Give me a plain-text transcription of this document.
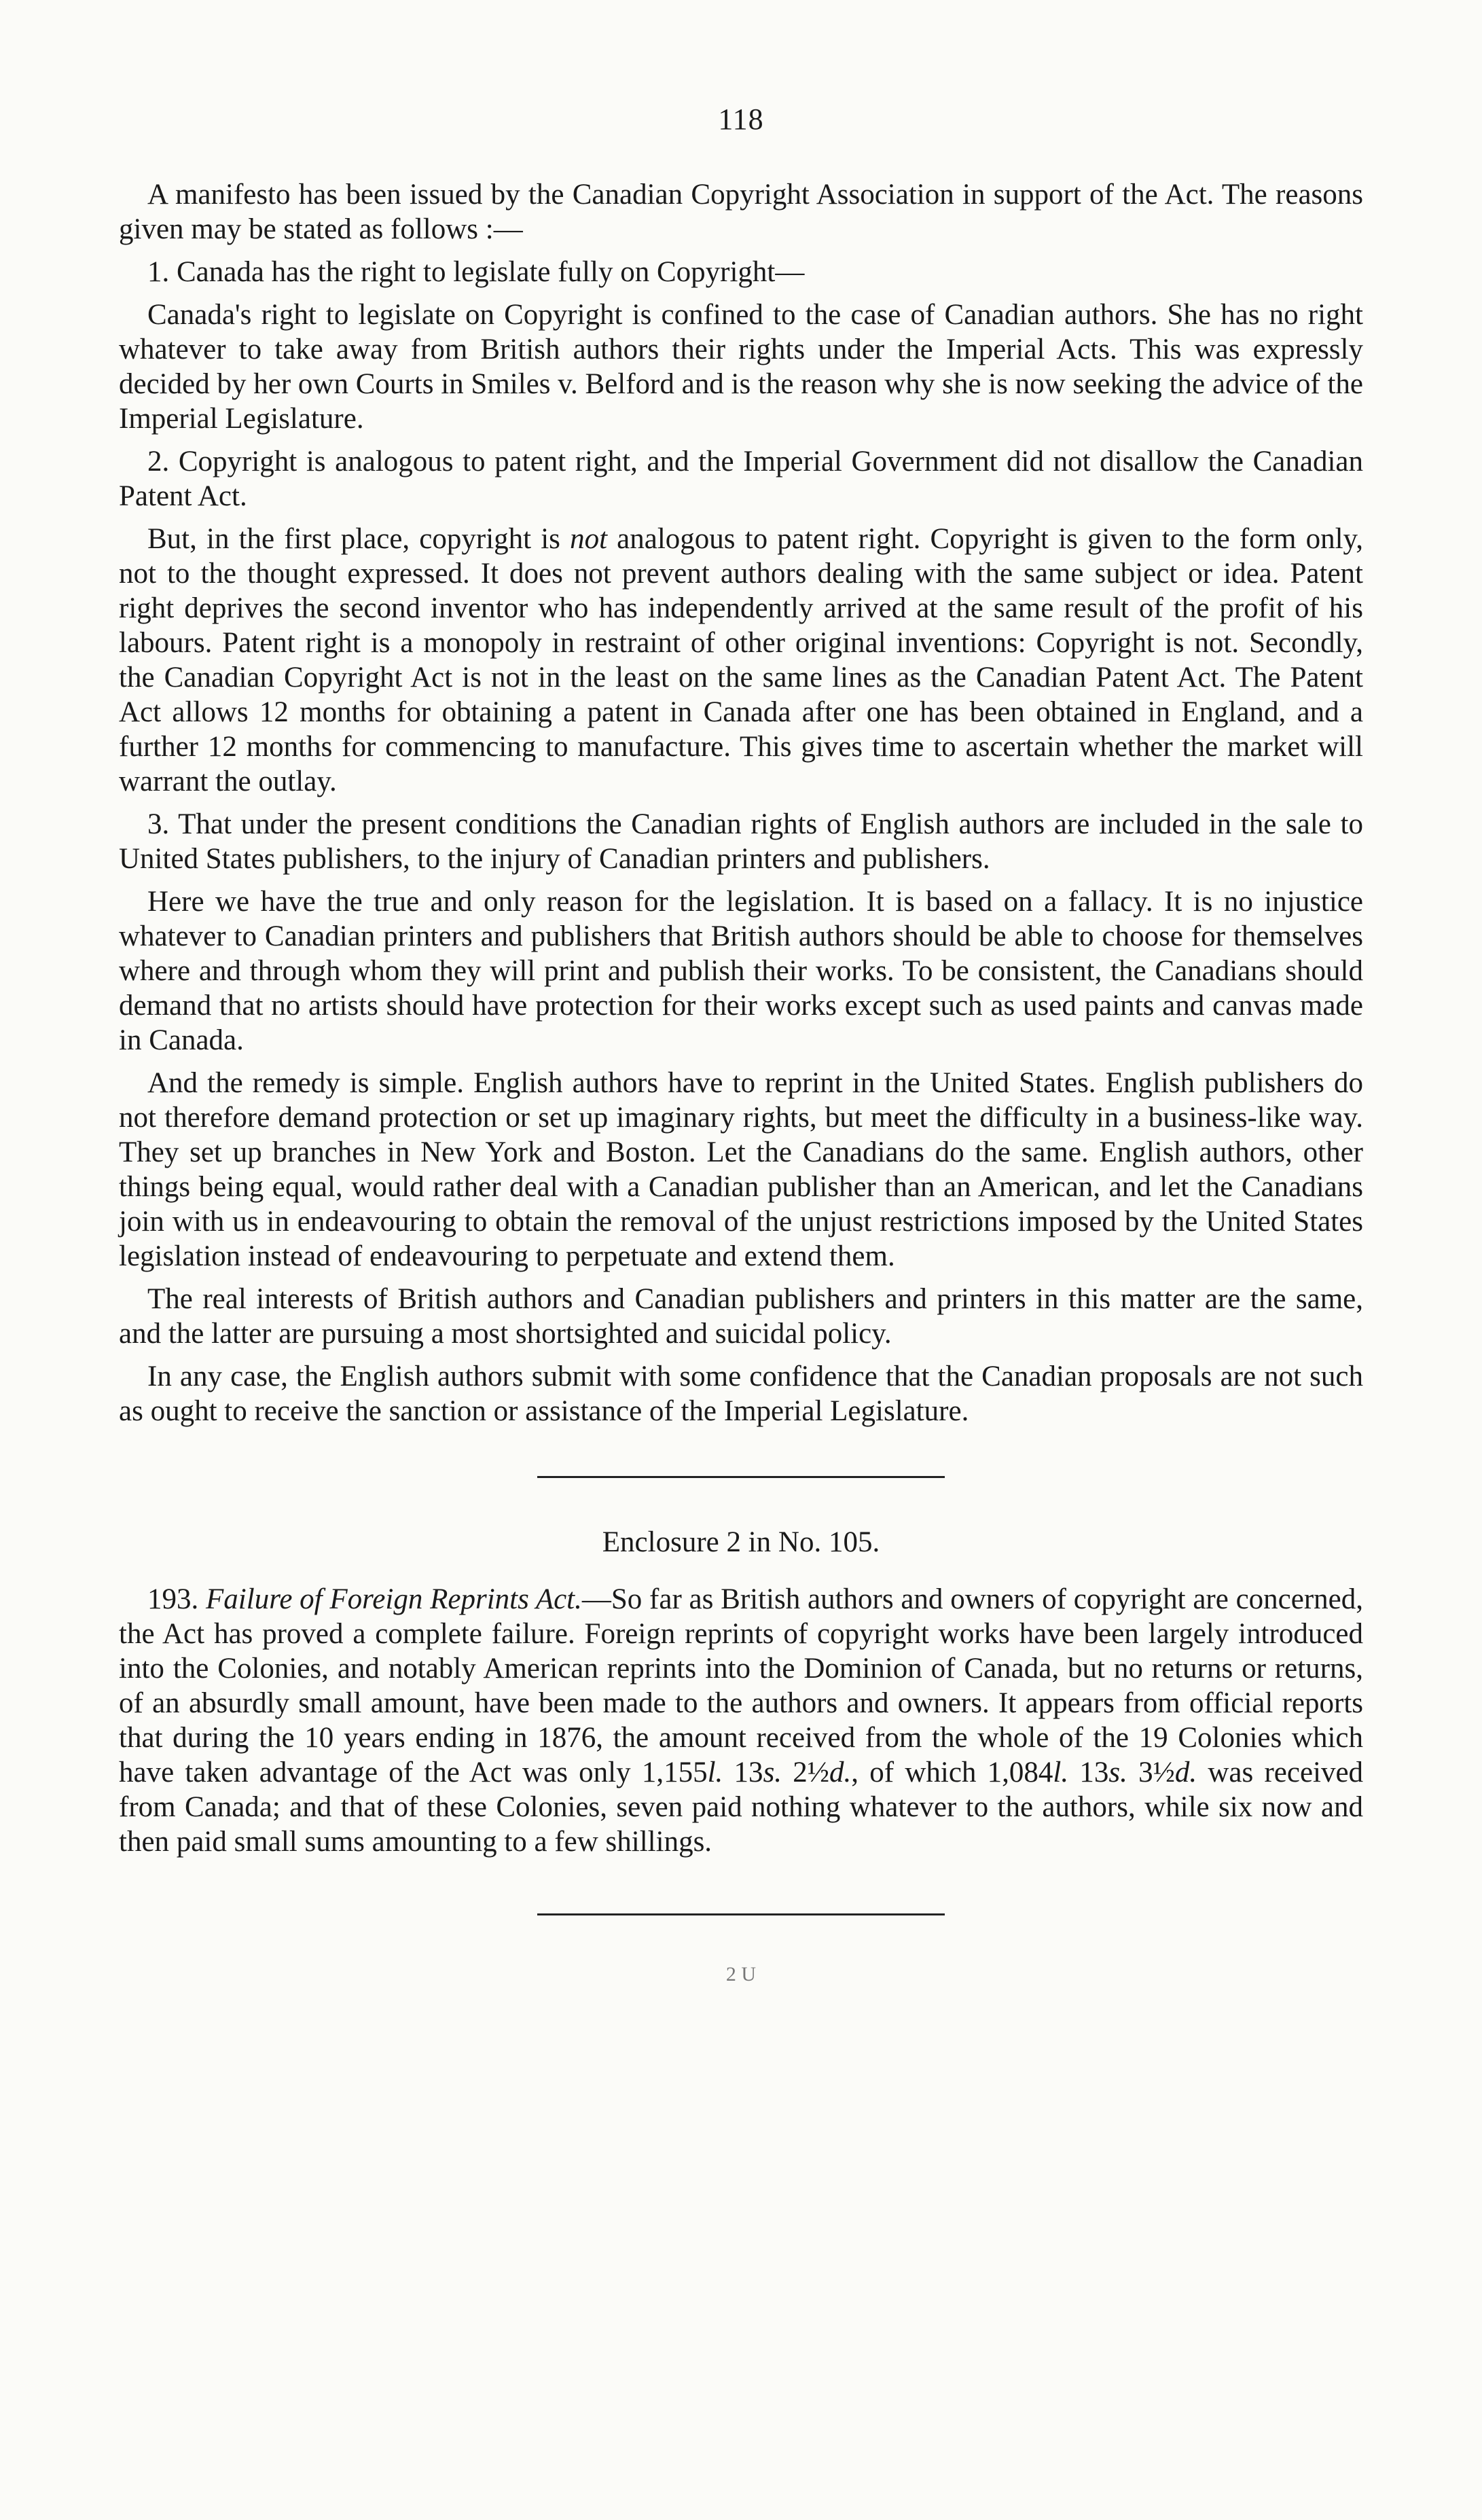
118

A manifesto has been issued by the Canadian Copyright Association in support of the Act. The reasons given may be stated as follows :—

1. Canada has the right to legislate fully on Copyright—

Canada's right to legislate on Copyright is confined to the case of Canadian authors. She has no right whatever to take away from British authors their rights under the Imperial Acts. This was expressly decided by her own Courts in Smiles v. Belford and is the reason why she is now seeking the advice of the Imperial Legislature.

2. Copyright is analogous to patent right, and the Imperial Government did not disallow the Canadian Patent Act.

But, in the first place, copyright is not analogous to patent right. Copyright is given to the form only, not to the thought expressed. It does not prevent authors dealing with the same subject or idea. Patent right deprives the second inventor who has independently arrived at the same result of the profit of his labours. Patent right is a monopoly in restraint of other original inventions: Copyright is not. Secondly, the Canadian Copyright Act is not in the least on the same lines as the Canadian Patent Act. The Patent Act allows 12 months for obtaining a patent in Canada after one has been obtained in England, and a further 12 months for commencing to manufacture. This gives time to ascertain whether the market will warrant the outlay.

3. That under the present conditions the Canadian rights of English authors are included in the sale to United States publishers, to the injury of Canadian printers and publishers.

Here we have the true and only reason for the legislation. It is based on a fallacy. It is no injustice whatever to Canadian printers and publishers that British authors should be able to choose for themselves where and through whom they will print and publish their works. To be consistent, the Canadians should demand that no artists should have protection for their works except such as used paints and canvas made in Canada.

And the remedy is simple. English authors have to reprint in the United States. English publishers do not therefore demand protection or set up imaginary rights, but meet the difficulty in a business-like way. They set up branches in New York and Boston. Let the Canadians do the same. English authors, other things being equal, would rather deal with a Canadian publisher than an American, and let the Canadians join with us in endeavouring to obtain the removal of the unjust restrictions imposed by the United States legislation instead of endeavouring to perpetuate and extend them.

The real interests of British authors and Canadian publishers and printers in this matter are the same, and the latter are pursuing a most shortsighted and suicidal policy.

In any case, the English authors submit with some confidence that the Canadian proposals are not such as ought to receive the sanction or assistance of the Imperial Legislature.

Enclosure 2 in No. 105.

193. Failure of Foreign Reprints Act.—So far as British authors and owners of copyright are concerned, the Act has proved a complete failure. Foreign reprints of copyright works have been largely introduced into the Colonies, and notably American reprints into the Dominion of Canada, but no returns or returns, of an absurdly small amount, have been made to the authors and owners. It appears from official reports that during the 10 years ending in 1876, the amount received from the whole of the 19 Colonies which have taken advantage of the Act was only 1,155l. 13s. 2½d., of which 1,084l. 13s. 3½d. was received from Canada; and that of these Colonies, seven paid nothing whatever to the authors, while six now and then paid small sums amounting to a few shillings.

2 U
